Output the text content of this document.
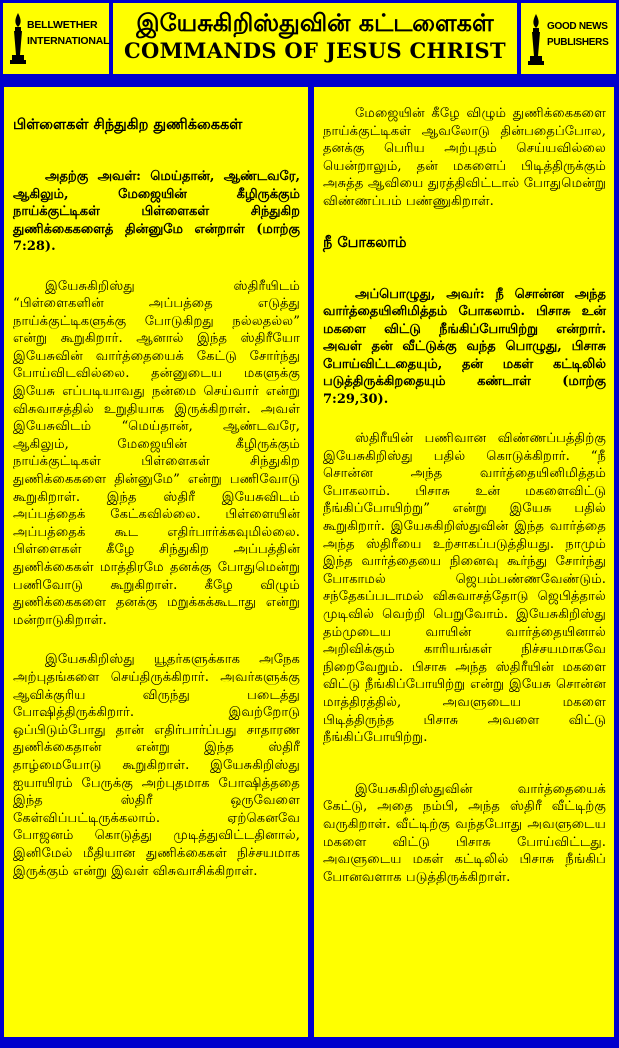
BELLWETHER
INTERNATIONAL
இயேசுகிறிஸ்துவின் கட்டளைகள்
COMMANDS OF JESUS CHRIST
GOOD NEWS
PUBLISHERS

பிள்ளைகள் சிந்துகிற துணிக்கைகள்

அதற்கு அவள்: மெய்தான், ஆண்டவரே, ஆகிலும், மேஜையின் கீழிருக்கும் நாய்க்குட்டிகள் பிள்ளைகள் சிந்துகிற துணிக்கைகளைத் தின்னுமே என்றாள் (மாற்கு 7:28).

இயேசுகிறிஸ்து ஸ்திரீயிடம் “பிள்ளைகளின் அப்பத்தை எடுத்து நாய்க்குட்டிகளுக்கு போடுகிறது நல்லதல்ல” என்று கூறுகிறார். ஆனால் இந்த ஸ்திரீயோ இயேசுவின் வார்த்தையைக் கேட்டு சோர்ந்து போய்விடவில்லை. தன்னுடைய மகளுக்கு இயேசு எப்படியாவது நன்மை செய்வார் என்று விசுவாசத்தில் உறுதியாக இருக்கிறாள். அவள் இயேசுவிடம் “மெய்தான், ஆண்டவரே, ஆகிலும், மேஜையின் கீழிருக்கும் நாய்க்குட்டிகள் பிள்ளைகள் சிந்துகிற துணிக்கைகளை தின்னுமே” என்று பணிவோடு கூறுகிறாள். இந்த ஸ்திரீ இயேசுவிடம் அப்பத்தைக் கேட்கவில்லை. பிள்ளையின் அப்பத்தைக் கூட எதிர்பார்க்கவுமில்லை. பிள்ளைகள் கீழே சிந்துகிற அப்பத்தின் துணிக்கைகள் மாத்திரமே தனக்கு போதுமென்று பணிவோடு கூறுகிறாள். கீழே விழும் துணிக்கைகளை தனக்கு மறுக்கக்கூடாது என்று மன்றாடுகிறாள்.

இயேசுகிறிஸ்து யூதர்களுக்காக அநேக அற்புதங்களை செய்திருக்கிறார். அவர்களுக்கு ஆவிக்குரிய விருந்து படைத்து போஷித்திருக்கிறார். இவற்றோடு ஒப்பிடும்போது தான் எதிர்பார்ப்பது சாதாரண துணிக்கைதான் என்று இந்த ஸ்திரீ தாழ்மையோடு கூறுகிறாள். இயேசுகிறிஸ்து ஐயாயிரம் பேருக்கு அற்புதமாக போஷித்ததை இந்த ஸ்திரீ ஒருவேளை கேள்விப்பட்டிருக்கலாம். ஏற்கெனவே போஜனம் கொடுத்து முடித்துவிட்டதினால், இனிமேல் மீதியான துணிக்கைகள் நிச்சயமாக இருக்கும் என்று இவள் விசுவாசிக்கிறாள்.

மேஜையின் கீழே விழும் துணிக்கைகளை நாய்க்குட்டிகள் ஆவலோடு தின்பதைப்போல, தனக்கு பெரிய அற்புதம் செய்யவில்லை யென்றாலும், தன் மகளைப் பிடித்திருக்கும் அசுத்த ஆவியை துரத்திவிட்டால் போதுமென்று விண்ணப்பம் பண்ணுகிறாள்.

நீ போகலாம்

அப்பொழுது, அவர்: நீ சொன்ன அந்த வார்த்தையினிமித்தம் போகலாம். பிசாசு உன் மகளை விட்டு நீங்கிப்போயிற்று என்றார். அவள் தன் வீட்டுக்கு வந்த பொழுது, பிசாசு போய்விட்டதையும், தன் மகள் கட்டிலில் படுத்திருக்கிறதையும் கண்டாள் (மாற்கு 7:29,30).

ஸ்திரீயின் பணிவான விண்ணப்பத்திற்கு இயேசுகிறிஸ்து பதில் கொடுக்கிறார். “நீ சொன்ன அந்த வார்த்தையினிமித்தம் போகலாம். பிசாசு உன் மகளைவிட்டு நீங்கிப்போயிற்று” என்று இயேசு பதில் கூறுகிறார். இயேசுகிறிஸ்துவின் இந்த வார்த்தை அந்த ஸ்திரீயை உற்சாகப்படுத்தியது. நாமும் இந்த வார்த்தையை நினைவு கூர்ந்து சோர்ந்து போகாமல் ஜெபம்பண்ணவேண்டும். சந்தேகப்படாமல் விசுவாசத்தோடு ஜெபித்தால் முடிவில் வெற்றி பெறுவோம். இயேசுகிறிஸ்து தம்முடைய வாயின் வார்த்தையினால் அறிவிக்கும் காரியங்கள் நிச்சயமாகவே நிறைவேறும். பிசாசு அந்த ஸ்திரீயின் மகளை விட்டு நீங்கிப்போயிற்று என்று இயேசு சொன்ன மாத்திரத்தில், அவளுடைய மகளை பிடித்திருந்த பிசாசு அவளை விட்டு நீங்கிப்போயிற்று.

இயேசுகிறிஸ்துவின் வார்த்தையைக் கேட்டு, அதை நம்பி, அந்த ஸ்திரீ வீட்டிற்கு வருகிறாள். வீட்டிற்கு வந்தபோது அவளுடைய மகளை விட்டு பிசாசு போய்விட்டது. அவளுடைய மகள் கட்டிலில் பிசாசு நீங்கிப் போனவளாக படுத்திருக்கிறாள்.
